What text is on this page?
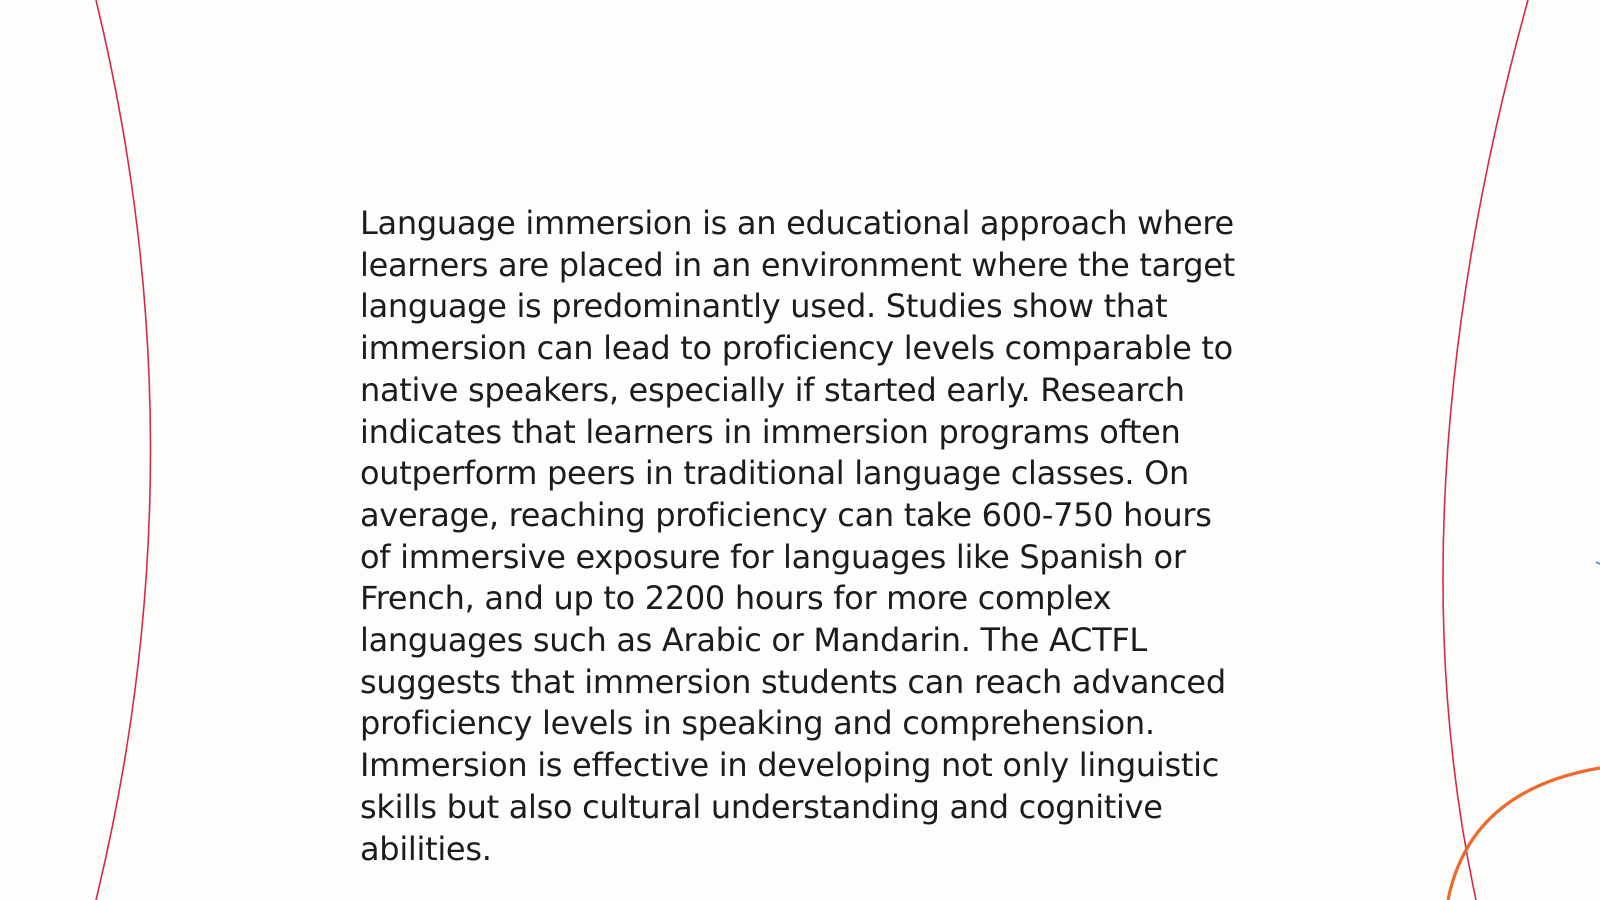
Language immersion is an educational approach where learners are placed in an environment where the target language is predominantly used. Studies show that immersion can lead to proficiency levels comparable to native speakers, especially if started early. Research indicates that learners in immersion programs often outperform peers in traditional language classes. On average, reaching proficiency can take 600-750 hours of immersive exposure for languages like Spanish or French, and up to 2200 hours for more complex languages such as Arabic or Mandarin. The ACTFL suggests that immersion students can reach advanced proficiency levels in speaking and comprehension. Immersion is effective in developing not only linguistic skills but also cultural understanding and cognitive abilities.
